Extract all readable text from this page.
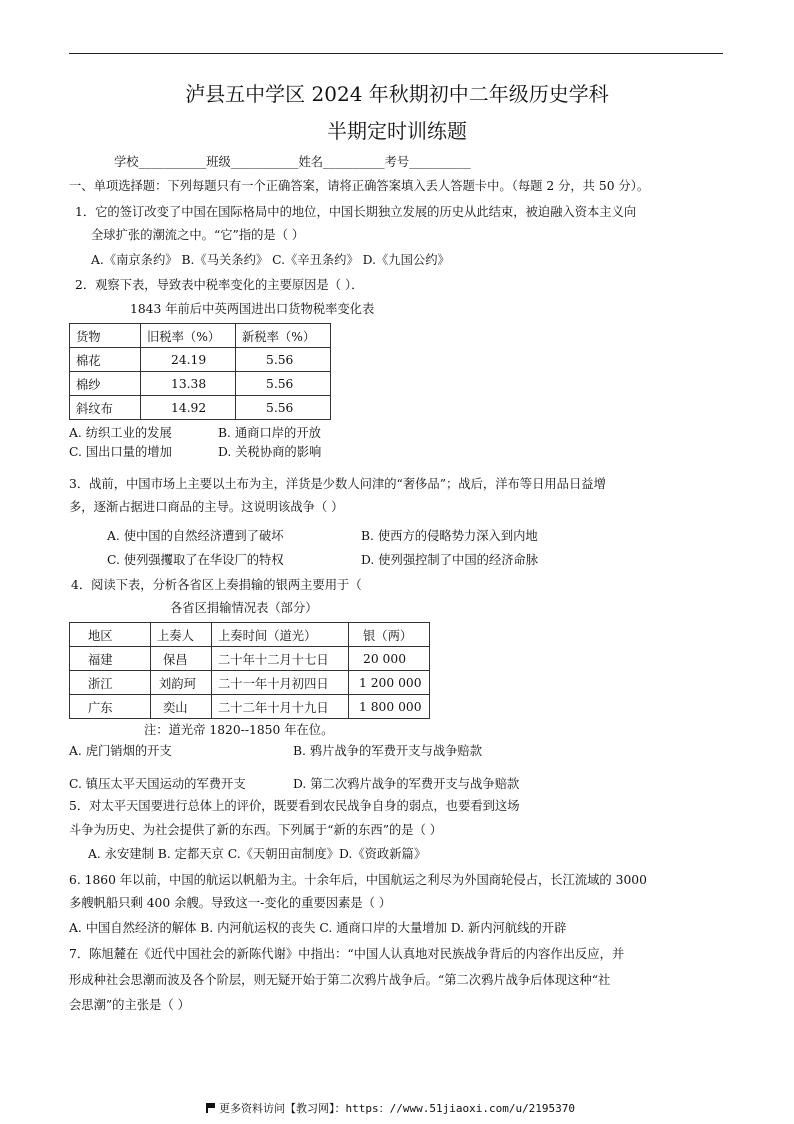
泸县五中学区 2024 年秋期初中二年级历史学科
半期定时训练题
学校___________班级___________姓名__________考号__________
一、单项选择题：下列每题只有一个正确答案，请将正确答案填入丢人答题卡中。（每题 2 分，共 50 分）。
1．它的签订改变了中国在国际格局中的地位，中国长期独立发展的历史从此结束，被迫融入资本主义向
全球扩张的潮流之中。“它”指的是（ ）
A.《南京条约》 B.《马关条约》 C.《辛丑条约》 D.《九国公约》
2．观察下表，导致表中税率变化的主要原因是（ ）．
1843 年前后中英两国进出口货物税率变化表
货物	旧税率（%）	新税率（%）
棉花	24.19	5.56
棉纱	13.38	5.56
斜纹布	14.92	5.56
A. 纺织工业的发展	B. 通商口岸的开放
C. 国出口量的增加	D. 关税协商的影响
3．战前，中国市场上主要以土布为主，洋货是少数人问津的“奢侈品”；战后，洋布等日用品日益增
多，逐渐占据进口商品的主导。这说明该战争（ ）
A. 使中国的自然经济遭到了破坏	B. 使西方的侵略势力深入到内地
C. 使列强攫取了在华设厂的特权	D. 使列强控制了中国的经济命脉
4．阅读下表，分析各省区上奏捐输的银两主要用于（
各省区捐输情况表（部分）
地区	上奏人	上奏时间（道光）	银（两）
福建	保昌	二十年十二月十七日	20 000
浙江	刘韵珂	二十一年十月初四日	1 200 000
广东	奕山	二十二年十月十九日	1 800 000
注：道光帝 1820--1850 年在位。
A. 虎门销烟的开支	B. 鸦片战争的军费开支与战争赔款
C. 镇压太平天国运动的军费开支	D. 第二次鸦片战争的军费开支与战争赔款
5．对太平天国要进行总体上的评价，既要看到农民战争自身的弱点，也要看到这场
斗争为历史、为社会提供了新的东西。下列属于“新的东西”的是（ ）
A. 永安建制 B. 定都天京 C.《天朝田亩制度》D.《资政新篇》
6. 1860 年以前，中国的航运以帆船为主。十余年后，中国航运之利尽为外国商轮侵占，长江流域的 3000
多艘帆船只剩 400 余艘。导致这一-变化的重要因素是（ ）
A. 中国自然经济的解体 B. 内河航运权的丧失 C. 通商口岸的大量增加 D. 新内河航线的开辟
7．陈旭麓在《近代中国社会的新陈代谢》中指出：“中国人认真地对民族战争背后的内容作出反应，并
形成种社会思潮而波及各个阶层，则无疑开始于第二次鸦片战争后。“第二次鸦片战争后体现这种“社
会思潮”的主张是（ ）
更多资料访问【教习网】：https：//www.51jiaoxi.com/u/2195370
